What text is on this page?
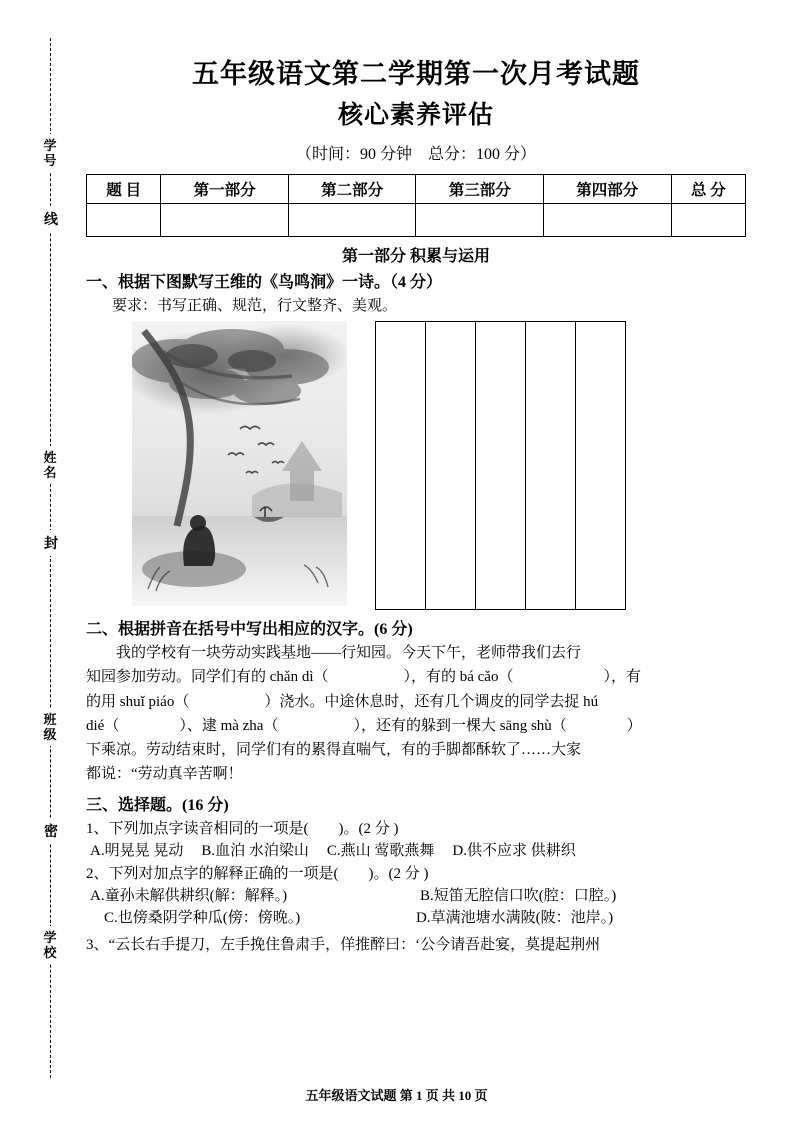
学 号
线
姓 名
封
班 级
密
学 校
五年级语文第二学期第一次月考试题
核心素养评估
（时间：90 分钟　总分：100 分）
题 目	第一部分	第二部分	第三部分	第四部分	总 分

第一部分 积累与运用
一、根据下图默写王维的《鸟鸣涧》一诗。（4 分）
要求：书写正确、规范，行文整齐、美观。

二、根据拼音在括号中写出相应的汉字。(6 分)
我的学校有一块劳动实践基地——行知园。今天下午，老师带我们去行
知园参加劳动。同学们有的 chǎn dì（　　　　　），有的 bá cǎo（　　　　　　），有
的用 shuǐ piáo（　　　　　）浇水。中途休息时，还有几个调皮的同学去捉 hú
dié（　　　　）、逮 mà zha（　　　　　），还有的躲到一棵大 sāng shù（　　　　）
下乘凉。劳动结束时，同学们有的累得直喘气，有的手脚都酥软了……大家
都说：“劳动真辛苦啊！
三、选择题。(16 分)
1、下列加点字读音相同的一项是(　　)。(2 分 )
A.明晃晃 晃动 B.血泊 水泊梁山 C.燕山 莺歌燕舞 D.供不应求 供耕织
2、下列对加点字的解释正确的一项是(　　)。(2 分 )
A.童孙未解供耕织(解：解释。)	B.短笛无腔信口吹(腔：口腔。)
C.也傍桑阴学种瓜(傍：傍晚。)	D.草满池塘水满陂(陂：池岸。)
3、“云长右手提刀，左手挽住鲁肃手，佯推醉曰：‘公今请吾赴宴，莫提起荆州
五年级语文试题 第 1 页 共 10 页
